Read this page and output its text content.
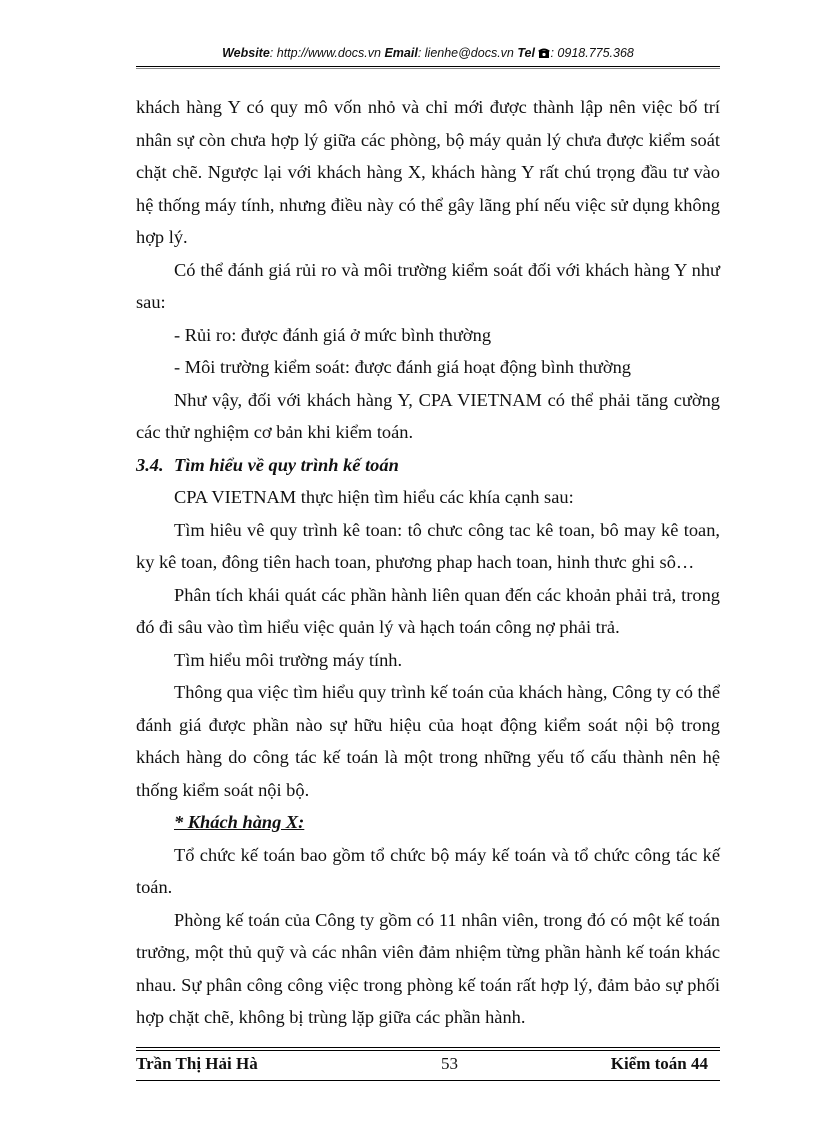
Website: http://www.docs.vn Email: lienhe@docs.vn Tel : 0918.775.368

khách hàng Y có quy mô vốn nhỏ và chỉ mới được thành lập nên việc bố trí nhân sự còn chưa hợp lý giữa các phòng, bộ máy quản lý chưa được kiểm soát chặt chẽ. Ngược lại với khách hàng X, khách hàng Y rất chú trọng đầu tư vào hệ thống máy tính, nhưng điều này có thể gây lãng phí nếu việc sử dụng không hợp lý.

Có thể đánh giá rủi ro và môi trường kiểm soát đối với khách hàng Y như sau:

- Rủi ro: được đánh giá ở mức bình thường

- Môi trường kiểm soát: được đánh giá hoạt động bình thường

Như vậy, đối với khách hàng Y, CPA VIETNAM có thể phải tăng cường các thử nghiệm cơ bản khi kiểm toán.

3.4. Tìm hiểu về quy trình kế toán

CPA VIETNAM thực hiện tìm hiểu các khía cạnh sau:

Tìm hiêu vê quy trình kê toan: tô chưc công tac kê toan, bô may kê toan, ky kê toan, đông tiên hach toan, phương phap hach toan, hinh thưc ghi sô…

Phân tích khái quát các phần hành liên quan đến các khoản phải trả, trong đó đi sâu vào tìm hiểu việc quản lý và hạch toán công nợ phải trả.

Tìm hiểu môi trường máy tính.

Thông qua việc tìm hiểu quy trình kế toán của khách hàng, Công ty có thể đánh giá được phần nào sự hữu hiệu của hoạt động kiểm soát nội bộ trong khách hàng do công tác kế toán là một trong những yếu tố cấu thành nên hệ thống kiểm soát nội bộ.

* Khách hàng X:

Tổ chức kế toán bao gồm tổ chức bộ máy kế toán và tổ chức công tác kế toán.

Phòng kế toán của Công ty gồm có 11 nhân viên, trong đó có một kế toán trưởng, một thủ quỹ và các nhân viên đảm nhiệm từng phần hành kế toán khác nhau. Sự phân công công việc trong phòng kế toán rất hợp lý, đảm bảo sự phối hợp chặt chẽ, không bị trùng lặp giữa các phần hành.

Trần Thị Hải Hà	53	Kiểm toán 44
